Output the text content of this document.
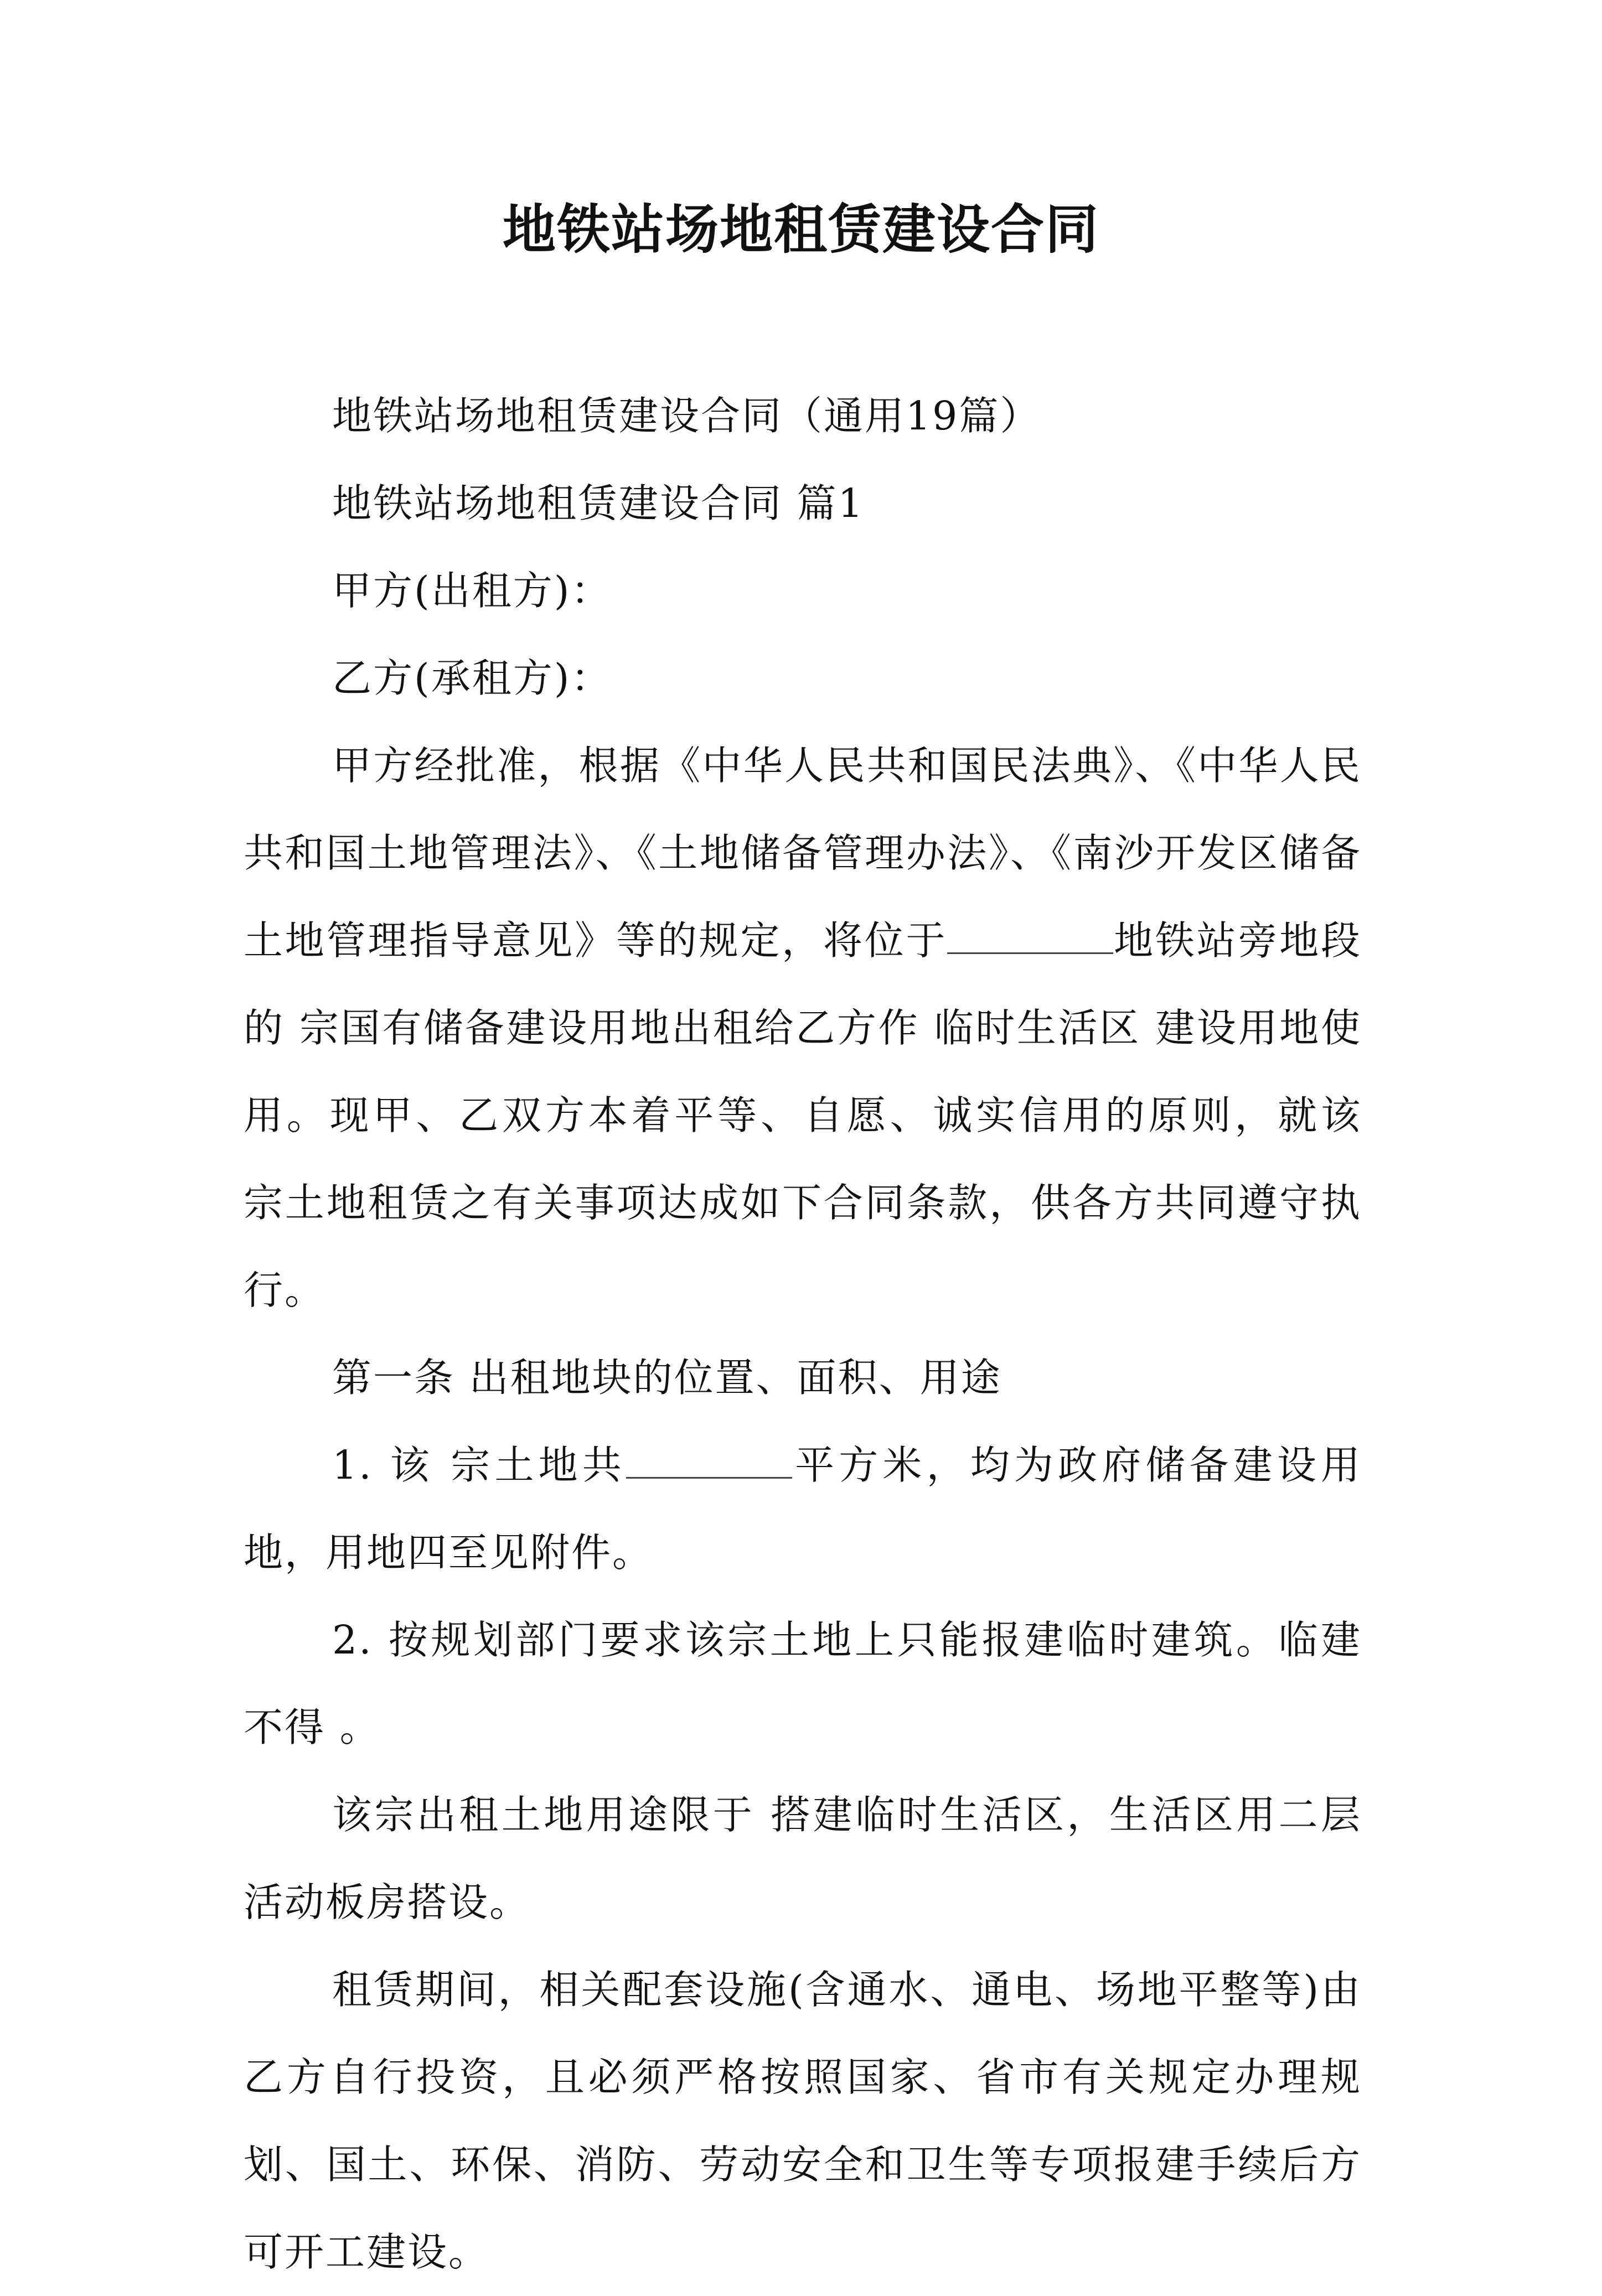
地铁站场地租赁建设合同

地铁站场地租赁建设合同（通用19篇）

地铁站场地租赁建设合同 篇1

甲方(出租方)：

乙方(承租方)：

甲方经批准，根据《中华人民共和国民法典》、《中华人民共和国土地管理法》、《土地储备管理办法》、《南沙开发区储备土地管理指导意见》等的规定，将位于	地铁站旁地段的 宗国有储备建设用地出租给乙方作 临时生活区 建设用地使用。现甲、乙双方本着平等、自愿、诚实信用的原则，就该 宗土地租赁之有关事项达成如下合同条款，供各方共同遵守执行。

第一条 出租地块的位置、面积、用途

1. 该 宗土地共	平方米，均为政府储备建设用地，用地四至见附件。

2. 按规划部门要求该宗土地上只能报建临时建筑。临建不得 。

该宗出租土地用途限于 搭建临时生活区，生活区用二层活动板房搭设。

租赁期间，相关配套设施(含通水、通电、场地平整等)由乙方自行投资，且必须严格按照国家、省市有关规定办理规划、国土、环保、消防、劳动安全和卫生等专项报建手续后方可开工建设。
